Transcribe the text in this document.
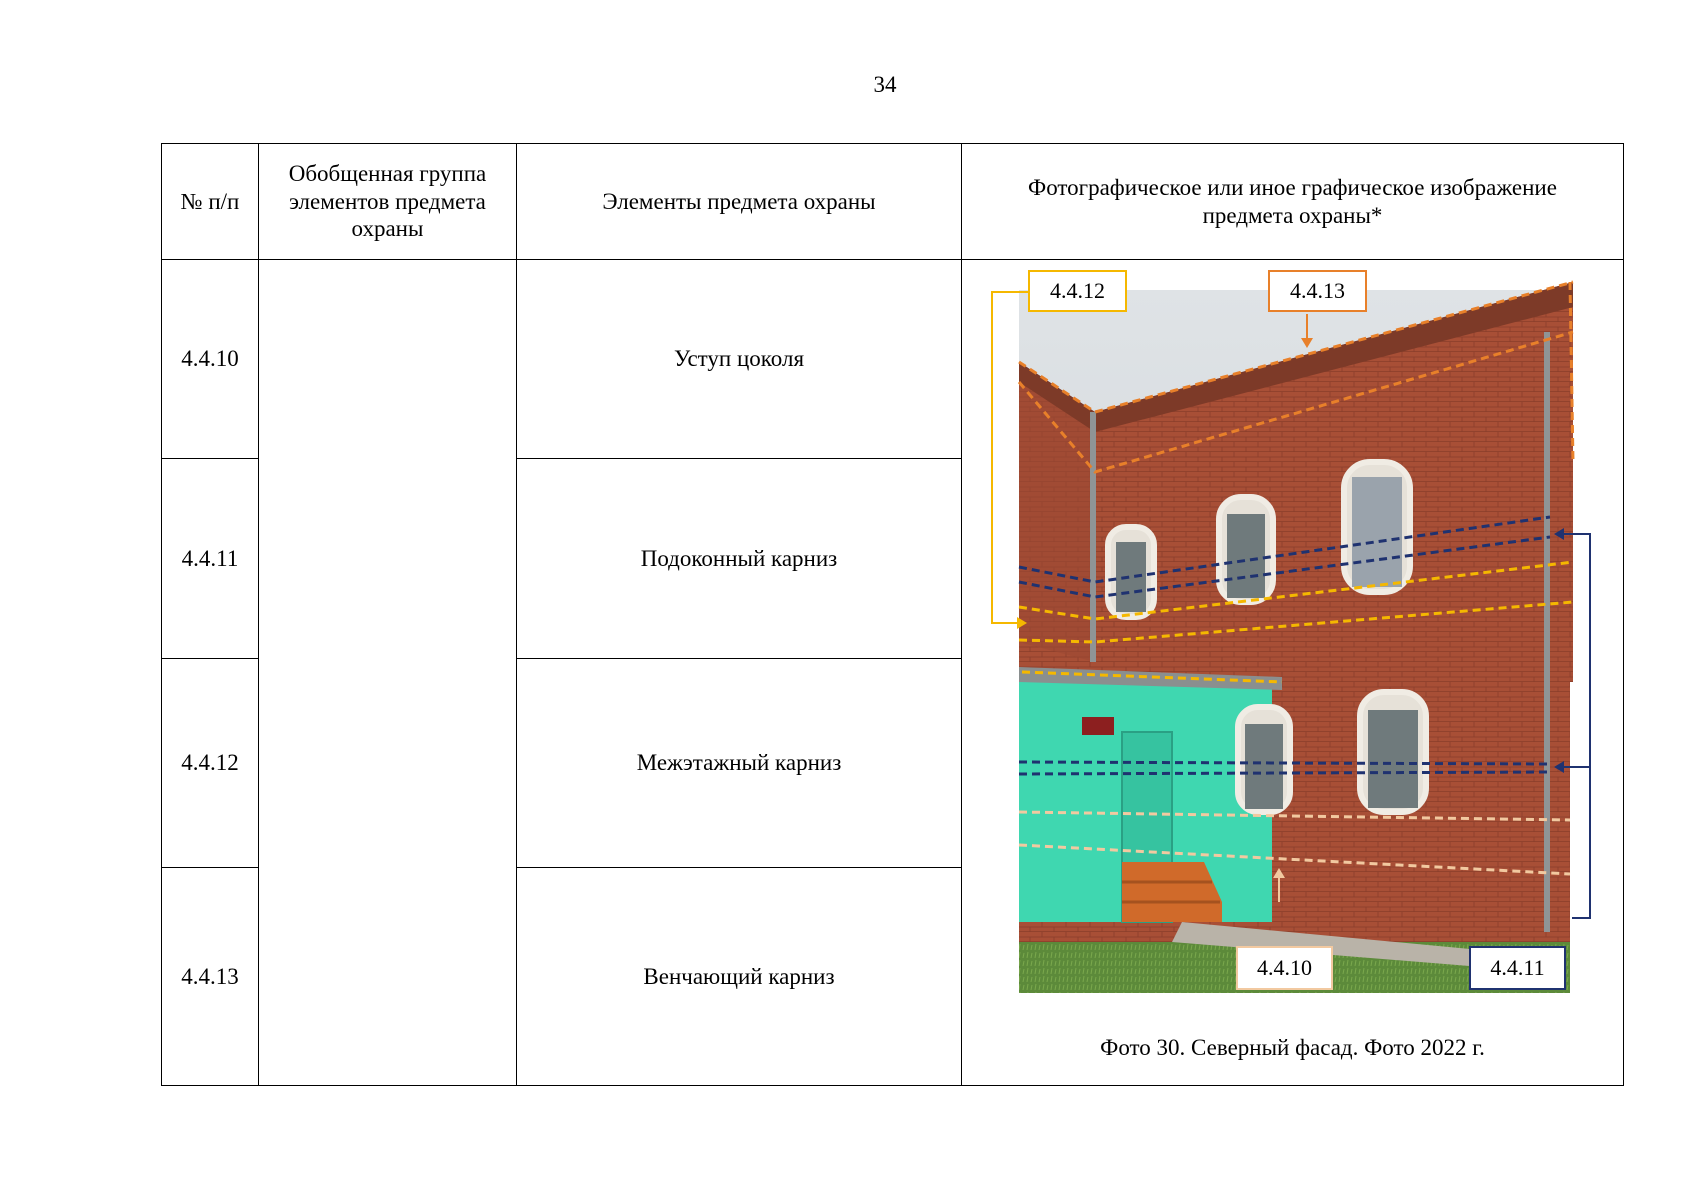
34
№ п/п	Обобщенная группа элементов предмета охраны	Элементы предмета охраны	Фотографическое или иное графическое изображение предмета охраны*
4.4.10		Уступ цоколя	4.4.12 4.4.13
4.4.10 4.4.11
Фото 30. Северный фасад. Фото 2022 г.

4.4.11		Подоконный карниз	
4.4.12		Межэтажный карниз	
4.4.13		Венчающий карниз	
